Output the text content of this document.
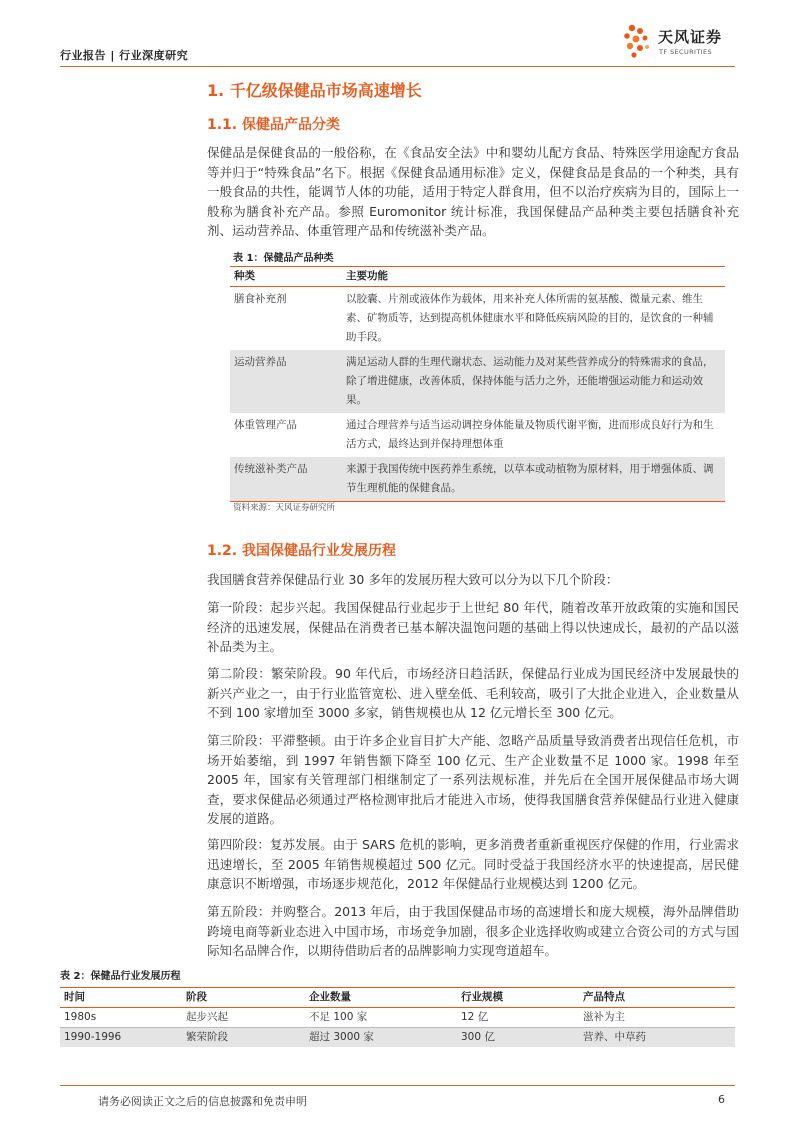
行业报告 | 行业深度研究
天风证券
TF SECURITIES
1. 千亿级保健品市场高速增长
1.1. 保健品产品分类
保健品是保健食品的一般俗称，在《食品安全法》中和婴幼儿配方食品、特殊医学用途配方食品等并归于“特殊食品”名下。根据《保健食品通用标准》定义，保健食品是食品的一个种类，具有一般食品的共性，能调节人体的功能，适用于特定人群食用，但不以治疗疾病为目的，国际上一般称为膳食补充产品。参照 Euromonitor 统计标准，我国保健品产品种类主要包括膳食补充剂、运动营养品、体重管理产品和传统滋补类产品。
表 1：保健品产品种类
种类	主要功能
膳食补充剂	以胶囊、片剂或液体作为载体，用来补充人体所需的氨基酸、微量元素、维生素、矿物质等，达到提高机体健康水平和降低疾病风险的目的，是饮食的一种辅助手段。
运动营养品	满足运动人群的生理代谢状态、运动能力及对某些营养成分的特殊需求的食品，除了增进健康，改善体质，保持体能与活力之外，还能增强运动能力和运动效果。
体重管理产品	通过合理营养与适当运动调控身体能量及物质代谢平衡，进而形成良好行为和生活方式，最终达到并保持理想体重
传统滋补类产品	来源于我国传统中医药养生系统，以草本或动植物为原材料，用于增强体质、调节生理机能的保健食品。
资料来源：天风证券研究所
1.2. 我国保健品行业发展历程
我国膳食营养保健品行业 30 多年的发展历程大致可以分为以下几个阶段：
第一阶段：起步兴起。我国保健品行业起步于上世纪 80 年代，随着改革开放政策的实施和国民经济的迅速发展，保健品在消费者已基本解决温饱问题的基础上得以快速成长，最初的产品以滋补品类为主。
第二阶段：繁荣阶段。90 年代后，市场经济日趋活跃，保健品行业成为国民经济中发展最快的新兴产业之一，由于行业监管宽松、进入壁垒低、毛利较高，吸引了大批企业进入，企业数量从不到 100 家增加至 3000 多家，销售规模也从 12 亿元增长至 300 亿元。
第三阶段：平滞整顿。由于许多企业盲目扩大产能、忽略产品质量导致消费者出现信任危机，市场开始萎缩，到 1997 年销售额下降至 100 亿元、生产企业数量不足 1000 家。1998 年至 2005 年，国家有关管理部门相继制定了一系列法规标准，并先后在全国开展保健品市场大调查，要求保健品必须通过严格检测审批后才能进入市场，使得我国膳食营养保健品行业进入健康发展的道路。
第四阶段：复苏发展。由于 SARS 危机的影响，更多消费者重新重视医疗保健的作用，行业需求迅速增长，至 2005 年销售规模超过 500 亿元。同时受益于我国经济水平的快速提高，居民健康意识不断增强，市场逐步规范化，2012 年保健品行业规模达到 1200 亿元。
第五阶段：并购整合。2013 年后，由于我国保健品市场的高速增长和庞大规模，海外品牌借助跨境电商等新业态进入中国市场，市场竞争加剧，很多企业选择收购或建立合资公司的方式与国际知名品牌合作，以期待借助后者的品牌影响力实现弯道超车。
表 2：保健品行业发展历程
时间	阶段	企业数量	行业规模	产品特点
1980s	起步兴起	不足 100 家	12 亿	滋补为主
1990-1996	繁荣阶段	超过 3000 家	300 亿	营养、中草药
请务必阅读正文之后的信息披露和免责申明	6
